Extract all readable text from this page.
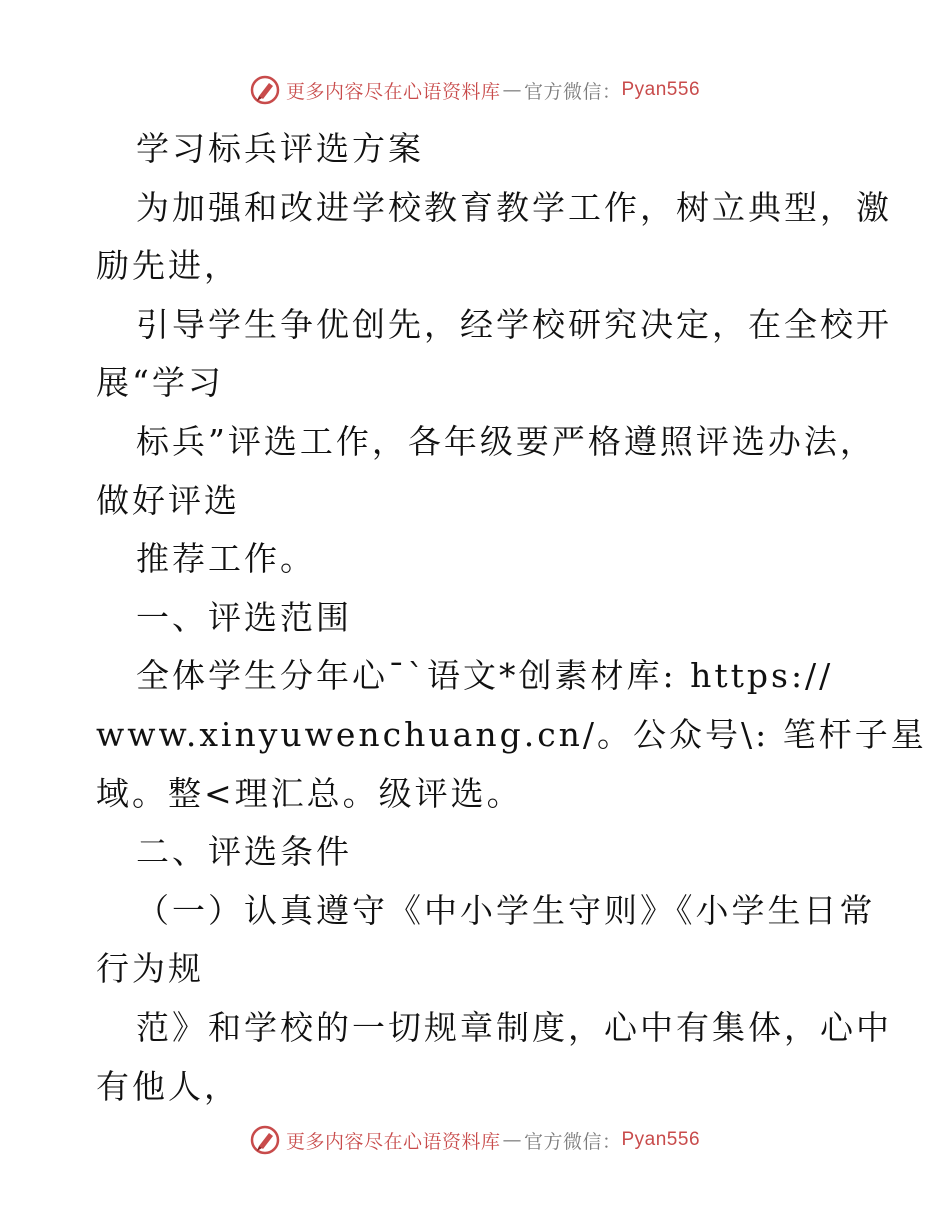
更多内容尽在心语资料库 — 官方微信： Pyan556
学习标兵评选方案
为加强和改进学校教育教学工作，树立典型，激
励先进，
引导学生争优创先，经学校研究决定，在全校开
展“学习
标兵”评选工作，各年级要严格遵照评选办法，
做好评选
推荐工作。
一、评选范围
全体学生分年心¯`语文*创素材库: https://
www.xinyuwenchuang.cn/。公众号\: 笔杆子星
域。整<理汇总。级评选。
二、评选条件
（一）认真遵守《中小学生守则》《小学生日常
行为规
范》和学校的一切规章制度，心中有集体，心中
有他人，
更多内容尽在心语资料库 — 官方微信： Pyan556
